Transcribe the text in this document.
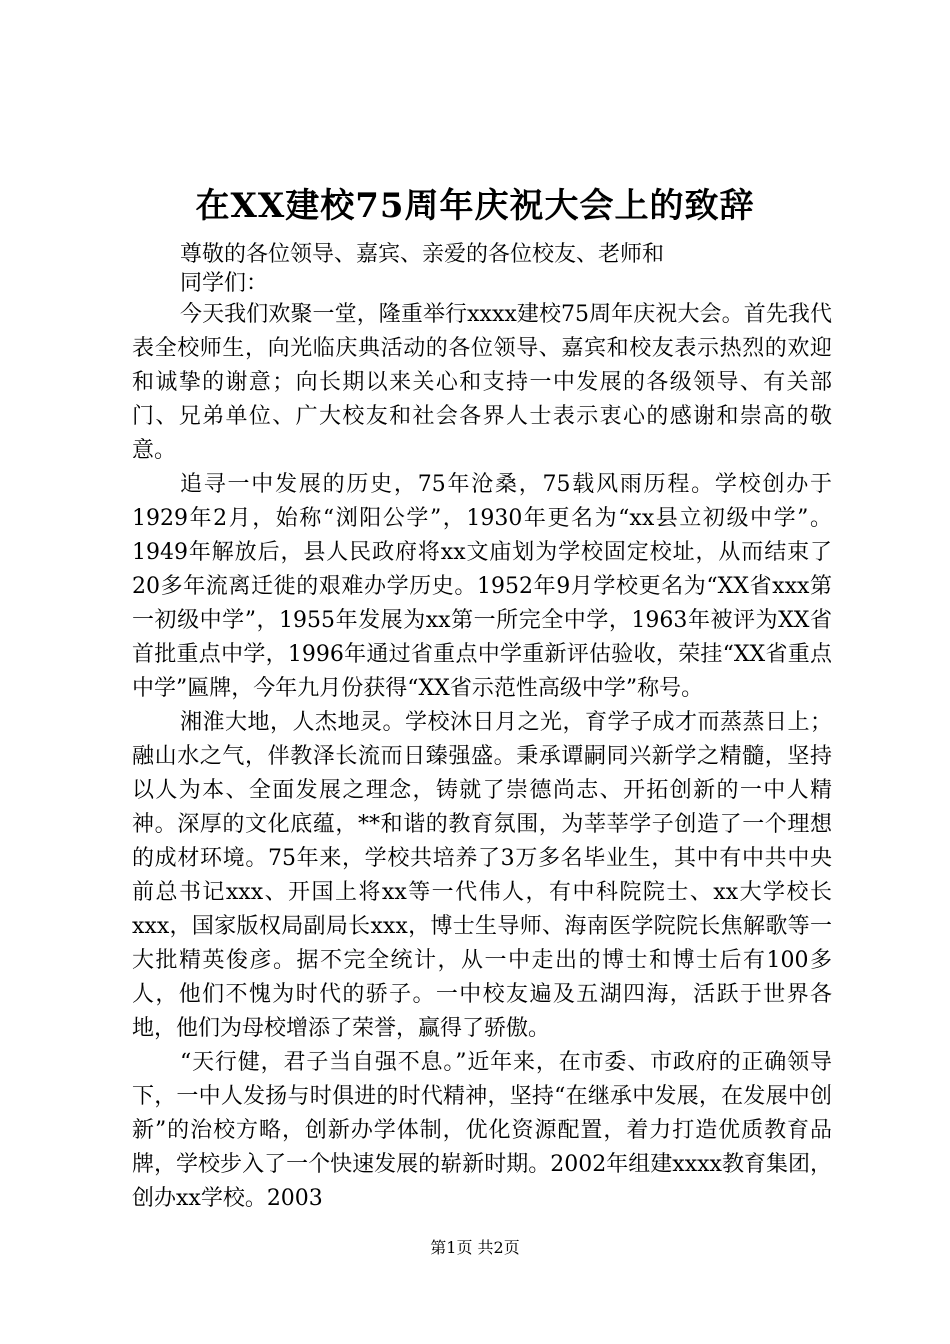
在XX建校75周年庆祝大会上的致辞
尊敬的各位领导、嘉宾、亲爱的各位校友、老师和
同学们：

今天我们欢聚一堂，隆重举行xxxx建校75周年庆祝大会。首先我代表全校师生，向光临庆典活动的各位领导、嘉宾和校友表示热烈的欢迎和诚挚的谢意；向长期以来关心和支持一中发展的各级领导、有关部门、兄弟单位、广大校友和社会各界人士表示衷心的感谢和崇高的敬意。

追寻一中发展的历史，75年沧桑，75载风雨历程。学校创办于1929年2月，始称“浏阳公学”，1930年更名为“xx县立初级中学”。1949年解放后，县人民政府将xx文庙划为学校固定校址，从而结束了20多年流离迁徙的艰难办学历史。1952年9月学校更名为“XX省xxx第一初级中学”，1955年发展为xx第一所完全中学，1963年被评为XX省首批重点中学，1996年通过省重点中学重新评估验收，荣挂“XX省重点中学”匾牌，今年九月份获得“XX省示范性高级中学”称号。

湘淮大地，人杰地灵。学校沐日月之光，育学子成才而蒸蒸日上；融山水之气，伴教泽长流而日臻强盛。秉承谭嗣同兴新学之精髓，坚持以人为本、全面发展之理念，铸就了崇德尚志、开拓创新的一中人精神。深厚的文化底蕴，**和谐的教育氛围，为莘莘学子创造了一个理想的成材环境。75年来，学校共培养了3万多名毕业生，其中有中共中央前总书记xxx、开国上将xx等一代伟人，有中科院院士、xx大学校长xxx，国家版权局副局长xxx，博士生导师、海南医学院院长焦解歌等一大批精英俊彦。据不完全统计，从一中走出的博士和博士后有100多人，他们不愧为时代的骄子。一中校友遍及五湖四海，活跃于世界各地，他们为母校增添了荣誉，赢得了骄傲。

“天行健，君子当自强不息。”近年来，在市委、市政府的正确领导下，一中人发扬与时俱进的时代精神，坚持“在继承中发展，在发展中创新”的治校方略，创新办学体制，优化资源配置，着力打造优质教育品牌，学校步入了一个快速发展的崭新时期。2002年组建xxxx教育集团，创办xx学校。2003

第1页 共2页
